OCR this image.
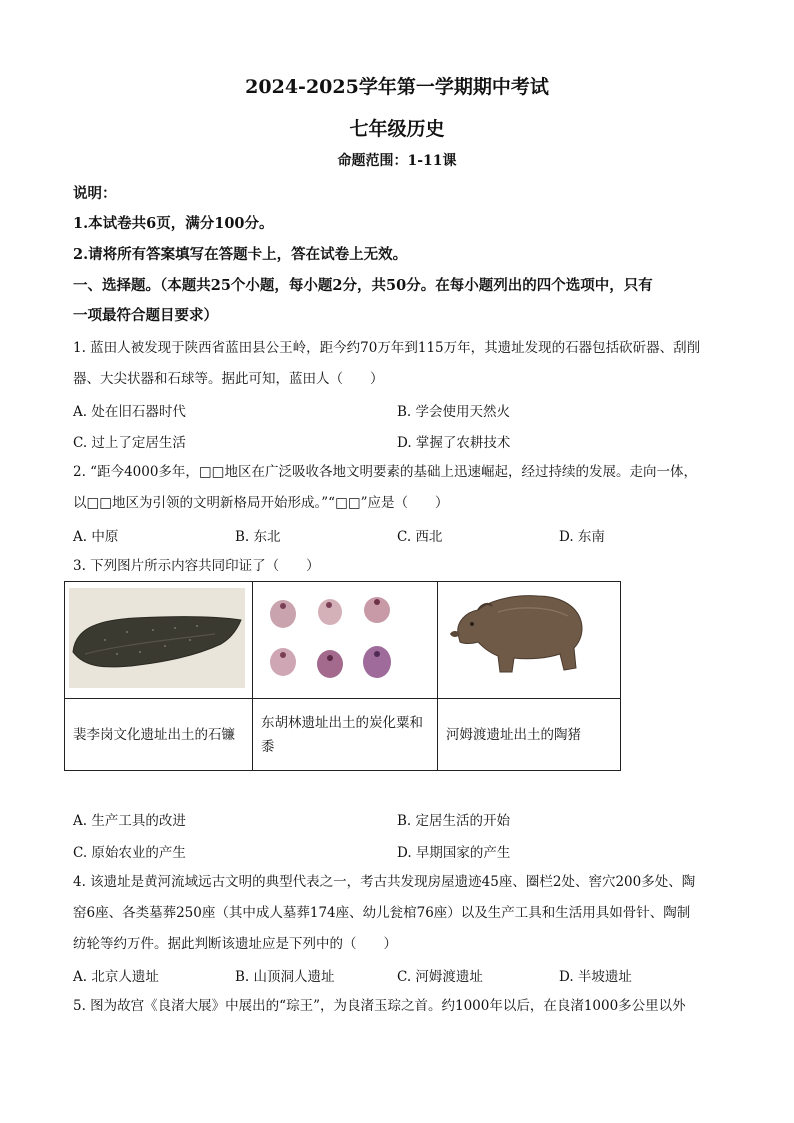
2024-2025学年第一学期期中考试
七年级历史
命题范围：1-11课
说明：
1.本试卷共6页，满分100分。
2.请将所有答案填写在答题卡上，答在试卷上无效。
一、选择题。（本题共25个小题，每小题2分，共50分。在每小题列出的四个选项中，只有
一项最符合题目要求）
1. 蓝田人被发现于陕西省蓝田县公王岭，距今约70万年到115万年，其遗址发现的石器包括砍斫器、刮削
器、大尖状器和石球等。据此可知，蓝田人（　　）
A. 处在旧石器时代	B. 学会使用天然火
C. 过上了定居生活	D. 掌握了农耕技术
2. “距今4000多年，□□地区在广泛吸收各地文明要素的基础上迅速崛起，经过持续的发展。走向一体，
以□□地区为引领的文明新格局开始形成。”“□□”应是（　　）
A. 中原	B. 东北	C. 西北	D. 东南
3. 下列图片所示内容共同印证了（　　）

裴李岗文化遗址出土的石镰	东胡林遗址出土的炭化粟和黍	河姆渡遗址出土的陶猪
A. 生产工具的改进	B. 定居生活的开始
C. 原始农业的产生	D. 早期国家的产生
4. 该遗址是黄河流域远古文明的典型代表之一，考古共发现房屋遗迹45座、圈栏2处、窖穴200多处、陶
窑6座、各类墓葬250座（其中成人墓葬174座、幼儿瓮棺76座）以及生产工具和生活用具如骨针、陶制
纺轮等约万件。据此判断该遗址应是下列中的（　　）
A. 北京人遗址	B. 山顶洞人遗址	C. 河姆渡遗址	D. 半坡遗址
5. 图为故宫《良渚大展》中展出的“琮王”，为良渚玉琮之首。约1000年以后，在良渚1000多公里以外
